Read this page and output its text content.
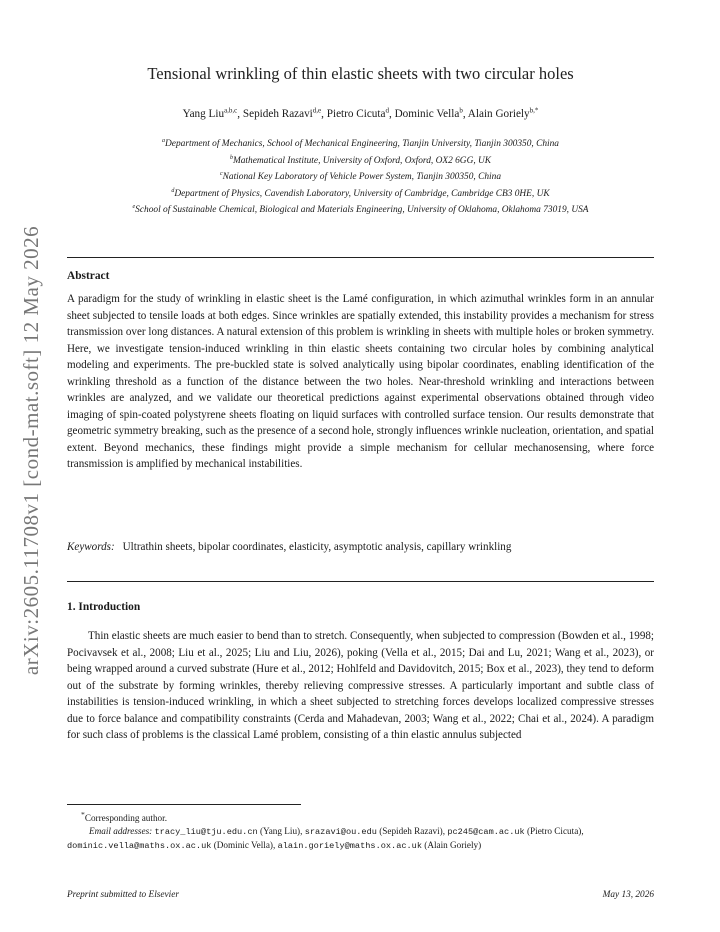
arXiv:2605.11708v1 [cond-mat.soft] 12 May 2026
Tensional wrinkling of thin elastic sheets with two circular holes
Yang Liu$^{a,b,c}$, Sepideh Razavi$^{d,e}$, Pietro Cicuta$^d$, Dominic Vella$^b$, Alain Goriely$^{b,*}$
$^a$Department of Mechanics, School of Mechanical Engineering, Tianjin University, Tianjin 300350, China
$^b$Mathematical Institute, University of Oxford, Oxford, OX2 6GG, UK
$^c$National Key Laboratory of Vehicle Power System, Tianjin 300350, China
$^d$Department of Physics, Cavendish Laboratory, University of Cambridge, Cambridge CB3 0HE, UK
$^e$School of Sustainable Chemical, Biological and Materials Engineering, University of Oklahoma, Oklahoma 73019, USA
Abstract
A paradigm for the study of wrinkling in elastic sheet is the Lamé configuration, in which azimuthal wrinkles form in an annular sheet subjected to tensile loads at both edges. Since wrinkles are spatially extended, this instability provides a mechanism for stress transmission over long distances. A natural extension of this problem is wrinkling in sheets with multiple holes or broken symmetry. Here, we investigate tension-induced wrinkling in thin elastic sheets containing two circular holes by combining analytical modeling and experiments. The pre-buckled state is solved analytically using bipolar coordinates, enabling identification of the wrinkling threshold as a function of the distance between the two holes. Near-threshold wrinkling and interactions between wrinkles are analyzed, and we validate our theoretical predictions against experimental observations obtained through video imaging of spin-coated polystyrene sheets floating on liquid surfaces with controlled surface tension. Our results demonstrate that geometric symmetry breaking, such as the presence of a second hole, strongly influences wrinkle nucleation, orientation, and spatial extent. Beyond mechanics, these findings might provide a simple mechanism for cellular mechanosensing, where force transmission is amplified by mechanical instabilities.
Keywords: Ultrathin sheets, bipolar coordinates, elasticity, asymptotic analysis, capillary wrinkling
1. Introduction
Thin elastic sheets are much easier to bend than to stretch. Consequently, when subjected to compression (Bowden et al., 1998; Pocivavsek et al., 2008; Liu et al., 2025; Liu and Liu, 2026), poking (Vella et al., 2015; Dai and Lu, 2021; Wang et al., 2023), or being wrapped around a curved substrate (Hure et al., 2012; Hohlfeld and Davidovitch, 2015; Box et al., 2023), they tend to deform out of the substrate by forming wrinkles, thereby relieving compressive stresses. A particularly important and subtle class of instabilities is tension-induced wrinkling, in which a sheet subjected to stretching forces develops localized compressive stresses due to force balance and compatibility constraints (Cerda and Mahadevan, 2003; Wang et al., 2022; Chai et al., 2024). A paradigm for such class of problems is the classical Lamé problem, consisting of a thin elastic annulus subjected
*Corresponding author.
Email addresses: tracy_liu@tju.edu.cn (Yang Liu), srazavi@ou.edu (Sepideh Razavi), pc245@cam.ac.uk (Pietro Cicuta), dominic.vella@maths.ox.ac.uk (Dominic Vella), alain.goriely@maths.ox.ac.uk (Alain Goriely)
Preprint submitted to Elsevier	May 13, 2026
